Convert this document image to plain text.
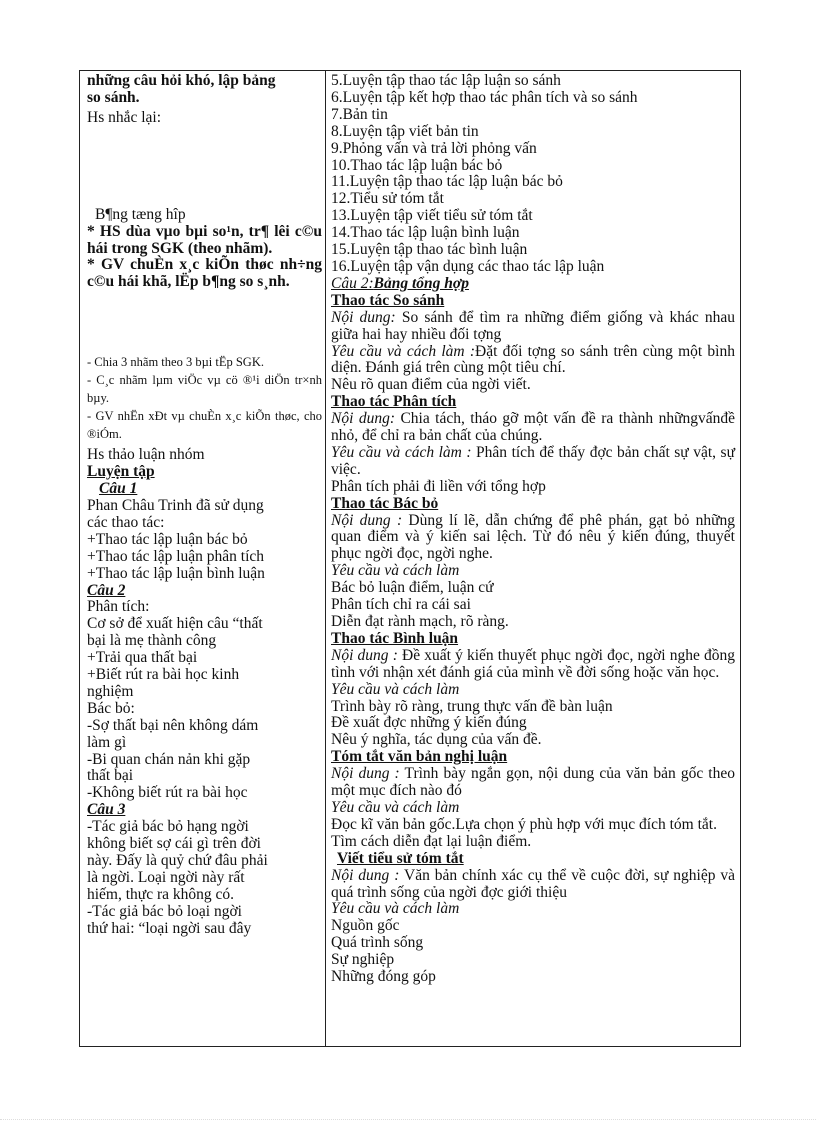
những câu hỏi khó, lập bảng
so sánh.
Hs nhắc lại:
B¶ng tæng hîp
* HS dùa vµo bµi so¹n, tr¶ lêi c©u hái trong SGK (theo nhãm).
* GV chuÈn x¸c kiÕn thøc nh÷ng c©u hái khã, lËp b¶ng so s¸nh.
- Chia 3 nhãm theo 3 bµi tËp SGK.
- C¸c nhãm lµm viÖc vµ cö ®¹i diÖn tr×nh bµy.
- GV nhËn xÐt vµ chuÈn x¸c kiÕn thøc, cho ®iÓm.
Hs thảo luận nhóm
Luyện tập
Câu 1
Phan Châu Trinh đã sử dụng
các thao tác:
+Thao tác lập luận bác bỏ
+Thao tác lập luận phân tích
+Thao tác lập luận bình luận
Câu 2
Phân tích:
Cơ sở để xuất hiện câu “thất
bại là mẹ thành công
+Trải qua thất bại
+Biết rút ra bài học kinh
nghiệm
Bác bỏ:
-Sợ thất bại nên không dám
làm gì
-Bi quan chán nản khi gặp
thất bại
-Không biết rút ra bài học
Câu 3
-Tác giả bác bỏ hạng ngời
không biết sợ cái gì trên đời
này. Đấy là quỷ chứ đâu phải
là ngời. Loại ngời này rất
hiếm, thực ra không có.
-Tác giả bác bỏ loại ngời
thứ hai: “loại ngời sau đây
5.Luyện tập thao tác lập luận so sánh
6.Luyện tập kết hợp thao tác phân tích và so sánh
7.Bản tin
8.Luyện tập viết bản tin
9.Phỏng vấn và trả lời phỏng vấn
10.Thao tác lập luận bác bỏ
11.Luyện tập thao tác lập luận bác bỏ
12.Tiểu sử tóm tắt
13.Luyện tập viết tiểu sử tóm tắt
14.Thao tác lập luận bình luận
15.Luyện tập thao tác bình luận
16.Luyện tập vận dụng các thao tác lập luận
Câu 2:Bảng tổng hợp
Thao tác So sánh
Nội dung: So sánh để tìm ra những điểm giống và khác nhau giữa hai hay nhiều đối tợng
Yêu cầu và cách làm :Đặt đối tợng so sánh trên cùng một bình diện. Đánh giá trên cùng một tiêu chí.
Nêu rõ quan điểm của ngời viết.
Thao tác Phân tích
Nội dung: Chia tách, tháo gỡ một vấn đề ra thành nhữngvấnđề nhỏ, để chỉ ra bản chất của chúng.
Yêu cầu và cách làm : Phân tích để thấy đợc bản chất sự vật, sự việc.
Phân tích phải đi liền với tổng hợp
Thao tác Bác bỏ
Nội dung : Dùng lí lẽ, dẫn chứng để phê phán, gạt bỏ những quan điểm và ý kiến sai lệch. Từ đó nêu ý kiến đúng, thuyết phục ngời đọc, ngời nghe.
Yêu cầu và cách làm
Bác bỏ luận điểm, luận cứ
Phân tích chỉ ra cái sai
Diễn đạt rành mạch, rõ ràng.
Thao tác Bình luận
Nội dung : Đề xuất ý kiến thuyết phục ngời đọc, ngời nghe đồng tình với nhận xét đánh giá của mình về đời sống hoặc văn học.
Yêu cầu và cách làm
Trình bày rõ ràng, trung thực vấn đề bàn luận
Đề xuất đợc những ý kiến đúng
Nêu ý nghĩa, tác dụng của vấn đề.
Tóm tắt văn bản nghị luận
Nội dung : Trình bày ngắn gọn, nội dung của văn bản gốc theo một mục đích nào đó
Yêu cầu và cách làm
Đọc kĩ văn bản gốc.Lựa chọn ý phù hợp với mục đích tóm tắt.
Tìm cách diễn đạt lại luận điểm.
Viết tiểu sử tóm tắt
Nội dung : Văn bản chính xác cụ thể về cuộc đời, sự nghiệp và quá trình sống của ngời đợc giới thiệu
Yêu cầu và cách làm
Nguồn gốc
Quá trình sống
Sự nghiệp
Những đóng góp
